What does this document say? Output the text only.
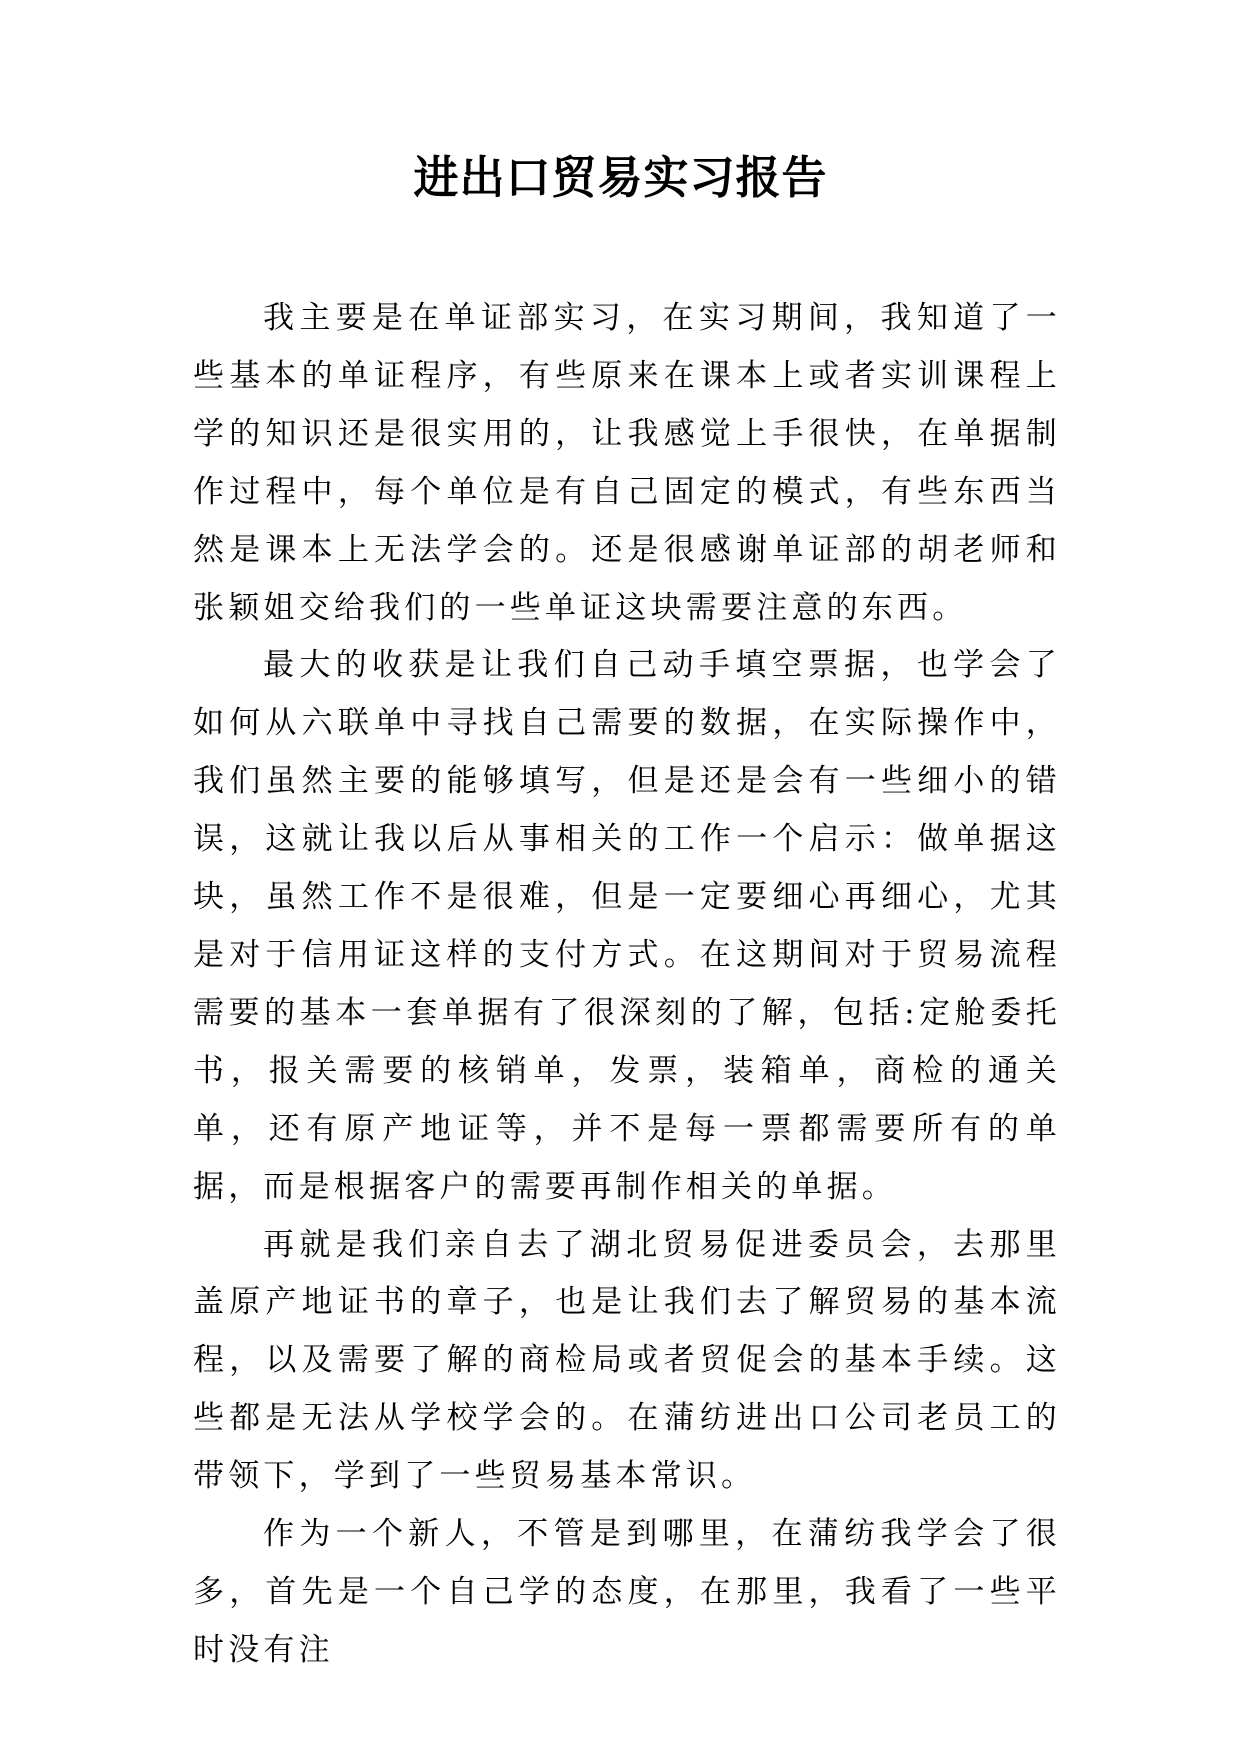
进出口贸易实习报告

我主要是在单证部实习，在实习期间，我知道了一些基本的单证程序，有些原来在课本上或者实训课程上学的知识还是很实用的，让我感觉上手很快，在单据制作过程中，每个单位是有自己固定的模式，有些东西当然是课本上无法学会的。还是很感谢单证部的胡老师和张颖姐交给我们的一些单证这块需要注意的东西。

最大的收获是让我们自己动手填空票据，也学会了如何从六联单中寻找自己需要的数据，在实际操作中，我们虽然主要的能够填写，但是还是会有一些细小的错误，这就让我以后从事相关的工作一个启示：做单据这块，虽然工作不是很难，但是一定要细心再细心，尤其是对于信用证这样的支付方式。在这期间对于贸易流程需要的基本一套单据有了很深刻的了解，包括:定舱委托书，报关需要的核销单，发票，装箱单，商检的通关单，还有原产地证等，并不是每一票都需要所有的单据，而是根据客户的需要再制作相关的单据。

再就是我们亲自去了湖北贸易促进委员会，去那里盖原产地证书的章子，也是让我们去了解贸易的基本流程，以及需要了解的商检局或者贸促会的基本手续。这些都是无法从学校学会的。在蒲纺进出口公司老员工的带领下，学到了一些贸易基本常识。

作为一个新人，不管是到哪里，在蒲纺我学会了很多，首先是一个自己学的态度，在那里，我看了一些平时没有注
